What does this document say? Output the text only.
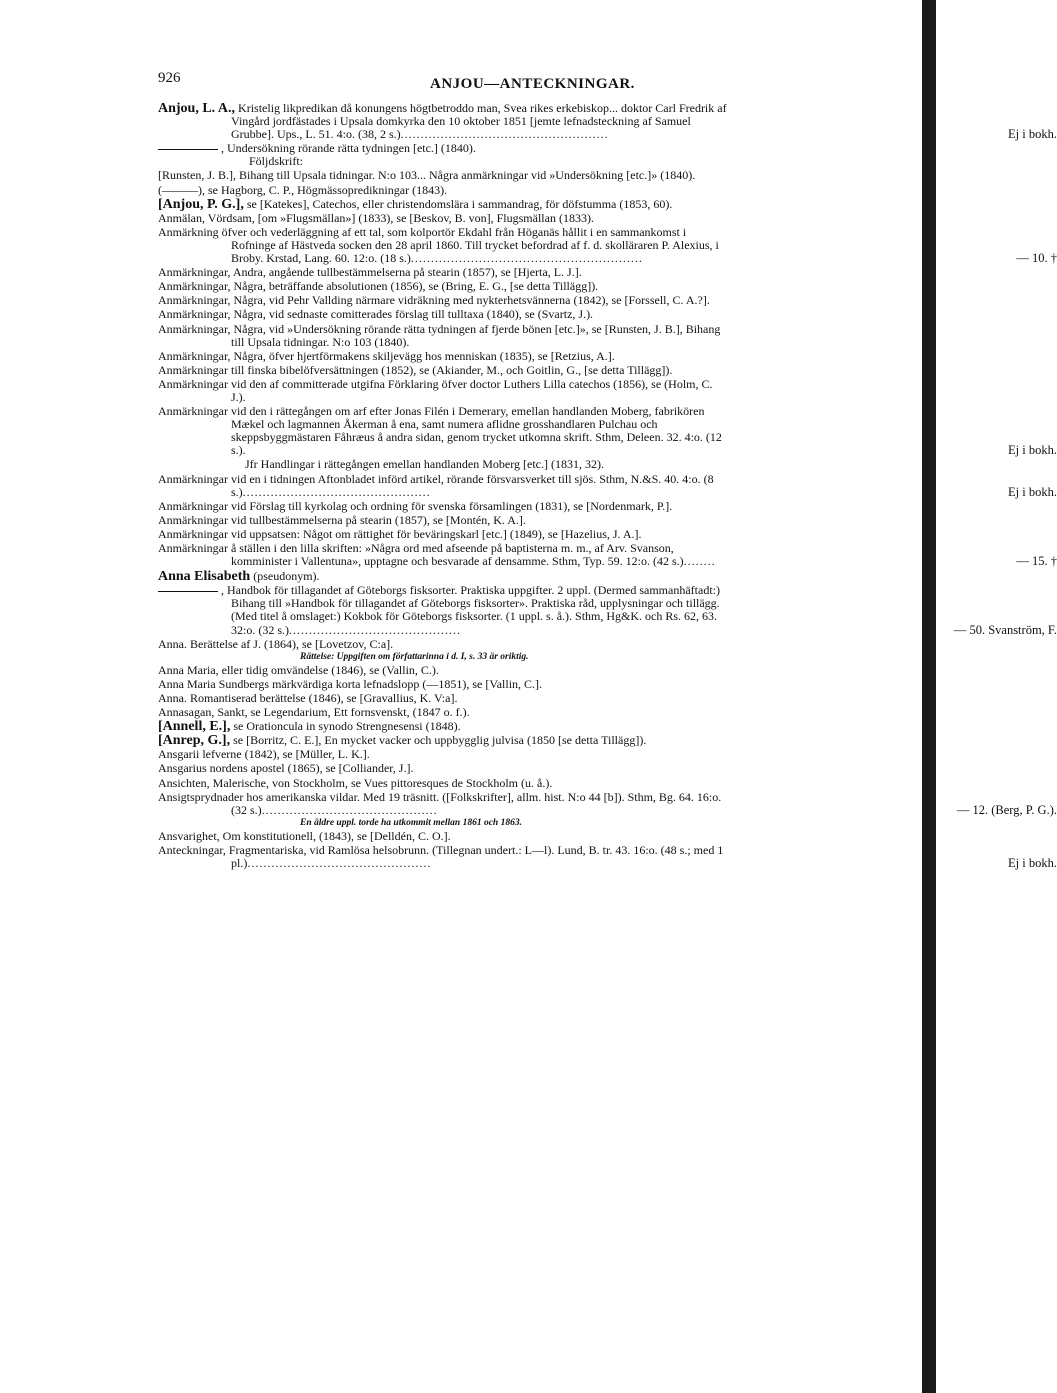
926	ANJOU—ANTECKNINGAR.
Anjou, L. A., Kristelig likpredikan då konungens högtbetroddo man, Svea rikes erkebiskop... doktor Carl Fredrik af Vingård jordfästades i Upsala domkyrka den 10 oktober 1851 [jemte lefnadsteckning af Samuel Grubbe]. Ups., L. 51. 4:o. (38, 2 s.)....................................................	Ej i bokh.
, Undersökning rörande rätta tydningen [etc.] (1840).
Följdskrift:
[Runsten, J. B.], Bihang till Upsala tidningar. N:o 103... Några anmärkningar vid »Undersökning [etc.]» (1840).
(———), se Hagborg, C. P., Högmässopredikningar (1843).
[Anjou, P. G.], se [Katekes], Catechos, eller christendomslära i sammandrag, för döfstumma (1853, 60).
Anmälan, Vördsam, [om »Flugsmällan»] (1833), se [Beskov, B. von], Flugsmällan (1833).
Anmärkning öfver och vederläggning af ett tal, som kolportör Ekdahl från Höganäs hållit i en sammankomst i Rofninge af Hästveda socken den 28 april 1860. Till trycket befordrad af f. d. skolläraren P. Alexius, i Broby. Krstad, Lang. 60. 12:o. (18 s.)..........................................................	— 10. †
Anmärkningar, Andra, angående tullbestämmelserna på stearin (1857), se [Hjerta, L. J.].
Anmärkningar, Några, beträffande absolutionen (1856), se (Bring, E. G., [se detta Tillägg]).
Anmärkningar, Några, vid Pehr Vallding närmare vidräkning med nykterhetsvännerna (1842), se [Forssell, C. A.?].
Anmärkningar, Några, vid sednaste comitterades förslag till tulltaxa (1840), se (Svartz, J.).
Anmärkningar, Några, vid »Undersökning rörande rätta tydningen af fjerde bönen [etc.]», se [Runsten, J. B.], Bihang till Upsala tidningar. N:o 103 (1840).
Anmärkningar, Några, öfver hjertförmakens skiljevägg hos menniskan (1835), se [Retzius, A.].
Anmärkningar till finska bibelöfversättningen (1852), se (Akiander, M., och Goitlin, G., [se detta Tillägg]).
Anmärkningar vid den af committerade utgifna Förklaring öfver doctor Luthers Lilla catechos (1856), se (Holm, C. J.).
Anmärkningar vid den i rättegången om arf efter Jonas Filén i Demerary, emellan handlanden Moberg, fabrikören Mækel och lagmannen Åkerman å ena, samt numera aflidne grosshandlaren Pulchau och skeppsbyggmästaren Fåhræus å andra sidan, genom trycket utkomna skrift. Sthm, Deleen. 32. 4:o. (12 s.).	Ej i bokh.
Jfr Handlingar i rättegången emellan handlanden Moberg [etc.] (1831, 32).
Anmärkningar vid en i tidningen Aftonbladet införd artikel, rörande försvarsverket till sjös. Sthm, N.&S. 40. 4:o. (8 s.)...............................................	Ej i bokh.
Anmärkningar vid Förslag till kyrkolag och ordning för svenska församlingen (1831), se [Nordenmark, P.].
Anmärkningar vid tullbestämmelserna på stearin (1857), se [Montén, K. A.].
Anmärkningar vid uppsatsen: Något om rättighet för beväringskarl [etc.] (1849), se [Hazelius, J. A.].
Anmärkningar å ställen i den lilla skriften: »Några ord med afseende på baptisterna m. m., af Arv. Svanson, komminister i Vallentuna», upptagne och besvarade af densamme. Sthm, Typ. 59. 12:o. (42 s.)........	— 15. †
Anna Elisabeth (pseudonym).
, Handbok för tillagandet af Göteborgs fisksorter. Praktiska uppgifter. 2 uppl. (Dermed sammanhäftadt:) Bihang till »Handbok för tillagandet af Göteborgs fisksorter». Praktiska råd, upplysningar och tillägg. (Med titel å omslaget:) Kokbok för Göteborgs fisksorter. (1 uppl. s. å.). Sthm, Hg&K. och Rs. 62, 63. 32:o. (32 s.)...........................................	— 50. Svanström, F.
Anna. Berättelse af J. (1864), se [Lovetzov, C:a].
Rättelse: Uppgiften om författarinna i d. I, s. 33 är oriktig.
Anna Maria, eller tidig omvändelse (1846), se (Vallin, C.).
Anna Maria Sundbergs märkvärdiga korta lefnadslopp (—1851), se [Vallin, C.].
Anna. Romantiserad berättelse (1846), se [Gravallius, K. V:a].
Annasagan, Sankt, se Legendarium, Ett fornsvenskt, (1847 o. f.).
[Annell, E.], se Orationcula in synodo Strengnesensi (1848).
[Anrep, G.], se [Borritz, C. E.], En mycket vacker och uppbygglig julvisa (1850 [se detta Tillägg]).
Ansgarii lefverne (1842), se [Müller, L. K.].
Ansgarius nordens apostel (1865), se [Colliander, J.].
Ansichten, Malerische, von Stockholm, se Vues pittoresques de Stockholm (u. å.).
Ansigtsprydnader hos amerikanska vildar. Med 19 träsnitt. ([Folkskrifter], allm. hist. N:o 44 [b]). Sthm, Bg. 64. 16:o. (32 s.)............................................	— 12. (Berg, P. G.).
En äldre uppl. torde ha utkommit mellan 1861 och 1863.
Ansvarighet, Om konstitutionell, (1843), se [Delldén, C. O.].
Anteckningar, Fragmentariska, vid Ramlösa helsobrunn. (Tillegnan undert.: L—l). Lund, B. tr. 43. 16:o. (48 s.; med 1 pl.)..............................................	Ej i bokh.
